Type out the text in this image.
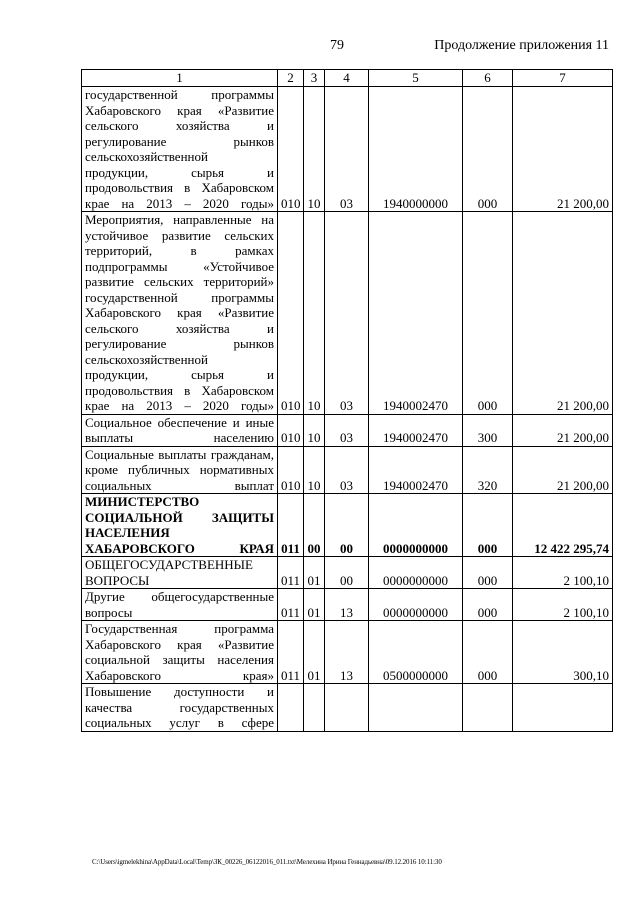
79	Продолжение приложения 11
1	2	3	4	5	6	7
государственной программы Хабаровского края «Развитие сельского хозяйства и регулирование рынков сельскохозяйственной продукции, сырья и продовольствия в Хабаровском крае на 2013 – 2020 годы»	010	10	03	1940000000	000	21 200,00
Мероприятия, направленные на устойчивое развитие сельских территорий, в рамках подпрограммы «Устойчивое развитие сельских территорий» государственной программы Хабаровского края «Развитие сельского хозяйства и регулирование рынков сельскохозяйственной продукции, сырья и продовольствия в Хабаровском крае на 2013 – 2020 годы»	010	10	03	1940002470	000	21 200,00
Социальное обеспечение и иные выплаты населению	010	10	03	1940002470	300	21 200,00
Социальные выплаты гражданам, кроме публичных нормативных социальных выплат	010	10	03	1940002470	320	21 200,00
МИНИСТЕРСТВО СОЦИАЛЬНОЙ ЗАЩИТЫ НАСЕЛЕНИЯ ХАБАРОВСКОГО КРАЯ	011	00	00	0000000000	000	12 422 295,74
ОБЩЕГОСУДАРСТВЕННЫЕ ВОПРОСЫ	011	01	00	0000000000	000	2 100,10
Другие общегосударственные вопросы	011	01	13	0000000000	000	2 100,10
Государственная программа Хабаровского края «Развитие социальной защиты населения Хабаровского края»	011	01	13	0500000000	000	300,10
Повышение доступности и качества государственных социальных услуг в сфере						
C:\Users\igmelekhina\AppData\Local\Temp\ЗК_00226_06122016_011.txt\Мелехина Ирина Геннадьевна\09.12.2016 10:11:30
